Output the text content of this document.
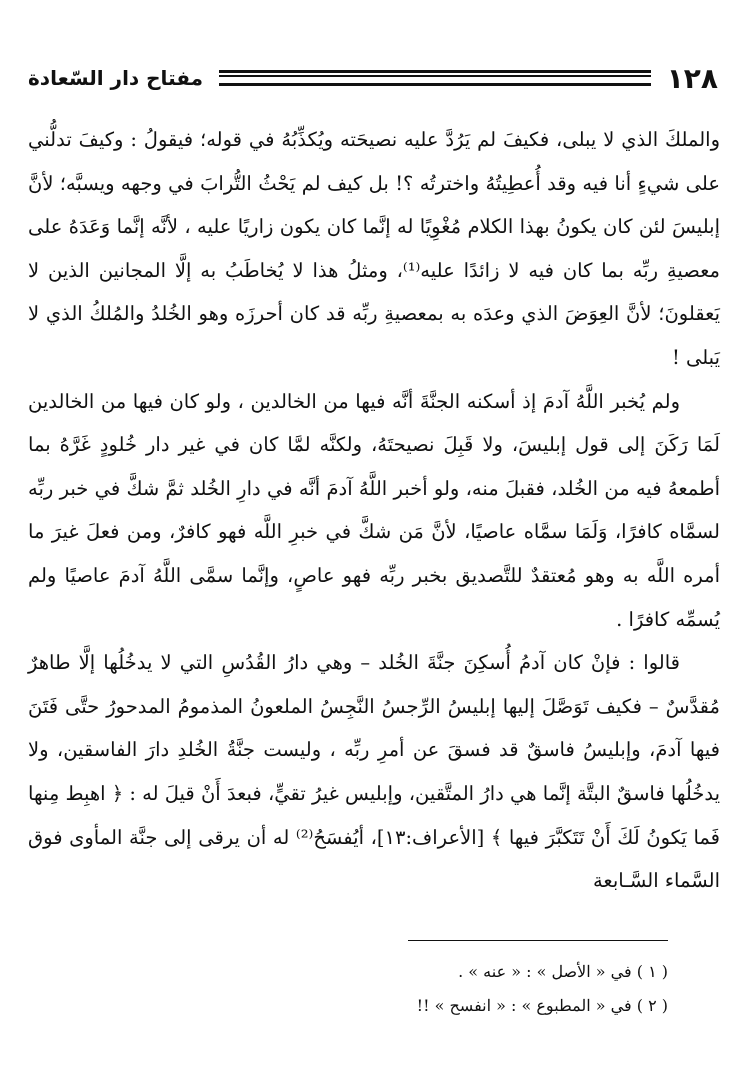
١٢٨
مفتاح دار السّعادة

والملكَ الذي لا يبلى، فكيفَ لم يَرُدَّ عليه نصيحَته ويُكذِّبُهُ في قوله؛ فيقولُ : وكيفَ تدلُّني على شيءٍ أنا فيه وقد أُعطِيتُهُ واخترتُه ؟! بل كيف لم يَحْثُ التُّرابَ في وجهه ويسبَّه؛ لأنَّ إبليسَ لئن كان يكونُ بهذا الكلام مُغْوِيًا له إنَّما كان يكون زاريًا عليه ، لأنَّه إنَّما وَعَدَهُ على معصيةِ ربِّه بما كان فيه لا زائدًا عليه⁽¹⁾، ومثلُ هذا لا يُخاطَبُ به إلَّا المجانين الذين لا يَعقلونَ؛ لأنَّ العِوَضَ الذي وعدَه به بمعصيةِ ربِّه قد كان أحرزَه وهو الخُلدُ والمُلكُ الذي لا يَبلى !

ولم يُخبر اللَّهُ آدمَ إذ أسكنه الجنَّةَ أنَّه فيها من الخالدين ، ولو كان فيها من الخالدين لَمَا رَكَنَ إلى قول إبليسَ، ولا قَبِلَ نصيحتَهُ، ولكنَّه لمَّا كان في غير دار خُلودٍ غَرَّهُ بما أطمعهُ فيه من الخُلد، فقبلَ منه، ولو أخبر اللَّهُ آدمَ أنَّه في دارِ الخُلد ثمَّ شكَّ في خبر ربِّه لسمَّاه كافرًا، وَلَمَا سمَّاه عاصيًا، لأنَّ مَن شكَّ في خبرِ اللَّه فهو كافرٌ، ومن فعلَ غيرَ ما أمره اللَّه به وهو مُعتقدٌ للتَّصديق بخبر ربِّه فهو عاصٍ، وإنَّما سمَّى اللَّهُ آدمَ عاصيًا ولم يُسمِّه كافرًا .

قالوا : فإنْ كان آدمُ أُسكِنَ جنَّةَ الخُلد – وهي دارُ القُدُسِ التي لا يدخُلُها إلَّا طاهرٌ مُقدَّسٌ – فكيف تَوَصَّلَ إليها إبليسُ الرِّجسُ النَّجِسُ الملعونُ المذمومُ المدحورُ حتَّى فَتَنَ فيها آدمَ، وإبليسُ فاسقٌ قد فسقَ عن أمرِ ربِّه ، وليست جنَّةُ الخُلدِ دارَ الفاسقين، ولا يدخُلُها فاسقٌ البتَّة إنَّما هي دارُ المتَّقين، وإبليس غيرُ تقيٍّ، فبعدَ أَنْ قيلَ له : ﴿ اهبِط مِنها فَما يَكونُ لَكَ أَنْ تَتَكبَّرَ فيها ﴾ [الأعراف:١٣]، أيُفسَحُ⁽²⁾ له أن يرقى إلى جنَّة المأوى فوق السَّماء السَّـابعة

( ١ ) في « الأصل » : « عنه » .

( ٢ ) في « المطبوع » : « انفسح » !!
